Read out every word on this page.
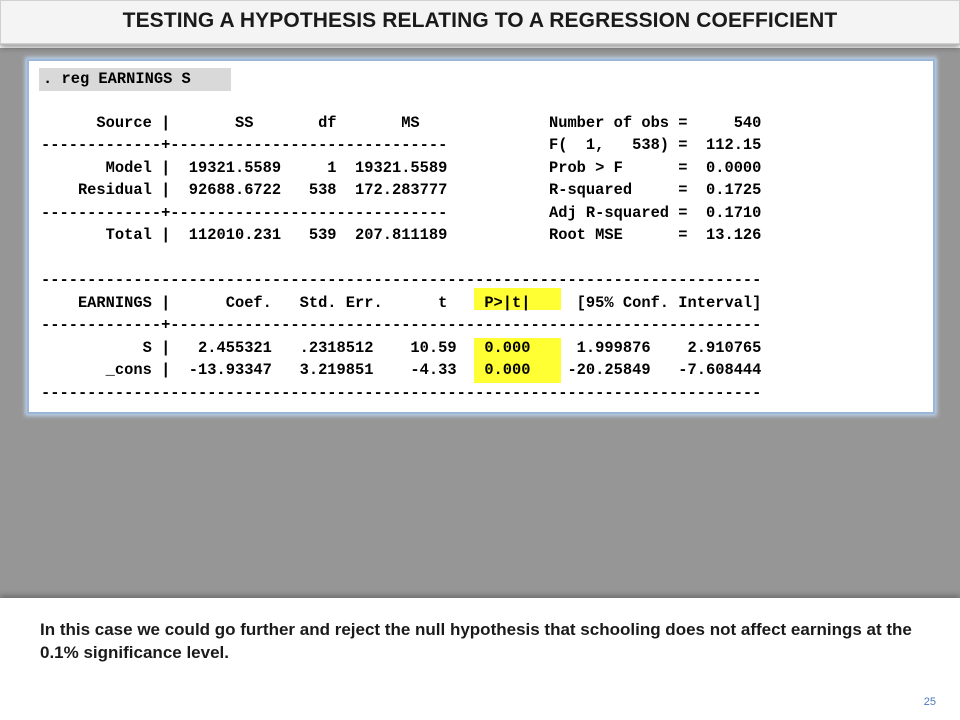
TESTING A HYPOTHESIS RELATING TO A REGRESSION COEFFICIENT
. reg EARNINGS S
Source |       SS       df       MS              Number of obs =     540
-------------+------------------------------           F(  1,   538) =  112.15
Model |  19321.5589     1  19321.5589           Prob > F      =  0.0000
Residual |  92688.6722   538  172.283777           R-squared     =  0.1725
-------------+------------------------------           Adj R-squared =  0.1710
Total |  112010.231   539  207.811189           Root MSE      =  13.126
------------------------------------------------------------------------------
EARNINGS |      Coef.   Std. Err.      t    P>|t|     [95% Conf. Interval]
-------------+----------------------------------------------------------------
S |   2.455321   .2318512    10.59   0.000     1.999876    2.910765
_cons |  -13.93347   3.219851    -4.33   0.000    -20.25849   -7.608444
------------------------------------------------------------------------------
In this case we could go further and reject the null hypothesis that schooling does not affect earnings at the 0.1% significance level.
25
